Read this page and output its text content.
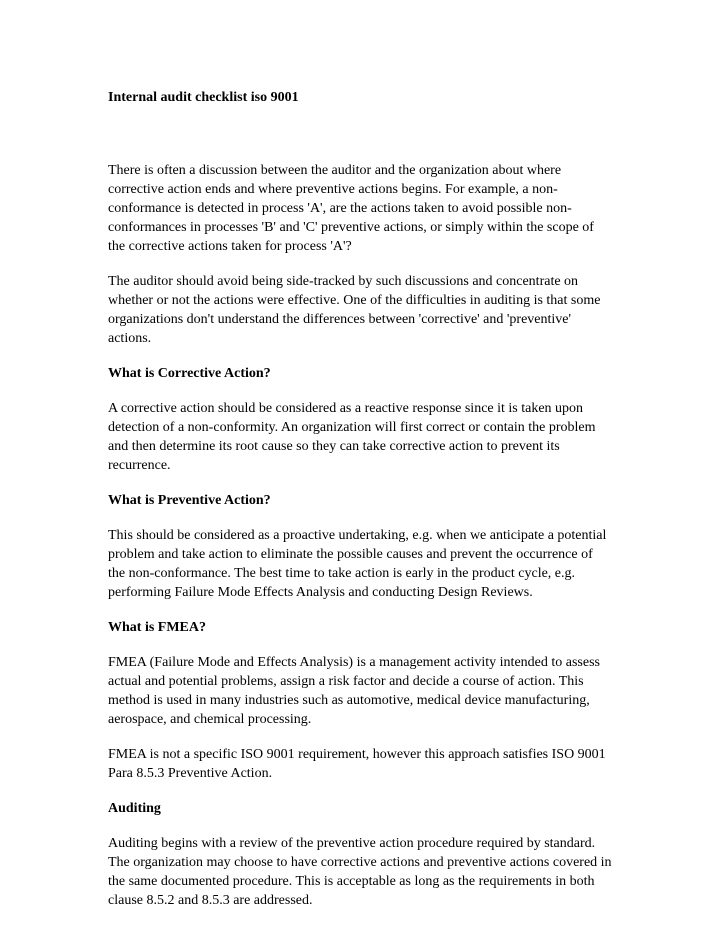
Internal audit checklist iso 9001

There is often a discussion between the auditor and the organization about where
corrective action ends and where preventive actions begins. For example, a non-
conformance is detected in process 'A', are the actions taken to avoid possible non-
conformances in processes 'B' and 'C' preventive actions, or simply within the scope of
the corrective actions taken for process 'A'?

The auditor should avoid being side-tracked by such discussions and concentrate on
whether or not the actions were effective. One of the difficulties in auditing is that some
organizations don't understand the differences between 'corrective' and 'preventive'
actions.

What is Corrective Action?

A corrective action should be considered as a reactive response since it is taken upon
detection of a non-conformity. An organization will first correct or contain the problem
and then determine its root cause so they can take corrective action to prevent its
recurrence.

What is Preventive Action?

This should be considered as a proactive undertaking, e.g. when we anticipate a potential
problem and take action to eliminate the possible causes and prevent the occurrence of
the non-conformance. The best time to take action is early in the product cycle, e.g.
performing Failure Mode Effects Analysis and conducting Design Reviews.

What is FMEA?

FMEA (Failure Mode and Effects Analysis) is a management activity intended to assess
actual and potential problems, assign a risk factor and decide a course of action. This
method is used in many industries such as automotive, medical device manufacturing,
aerospace, and chemical processing.

FMEA is not a specific ISO 9001 requirement, however this approach satisfies ISO 9001
Para 8.5.3 Preventive Action.

Auditing

Auditing begins with a review of the preventive action procedure required by standard.
The organization may choose to have corrective actions and preventive actions covered in
the same documented procedure. This is acceptable as long as the requirements in both
clause 8.5.2 and 8.5.3 are addressed.
